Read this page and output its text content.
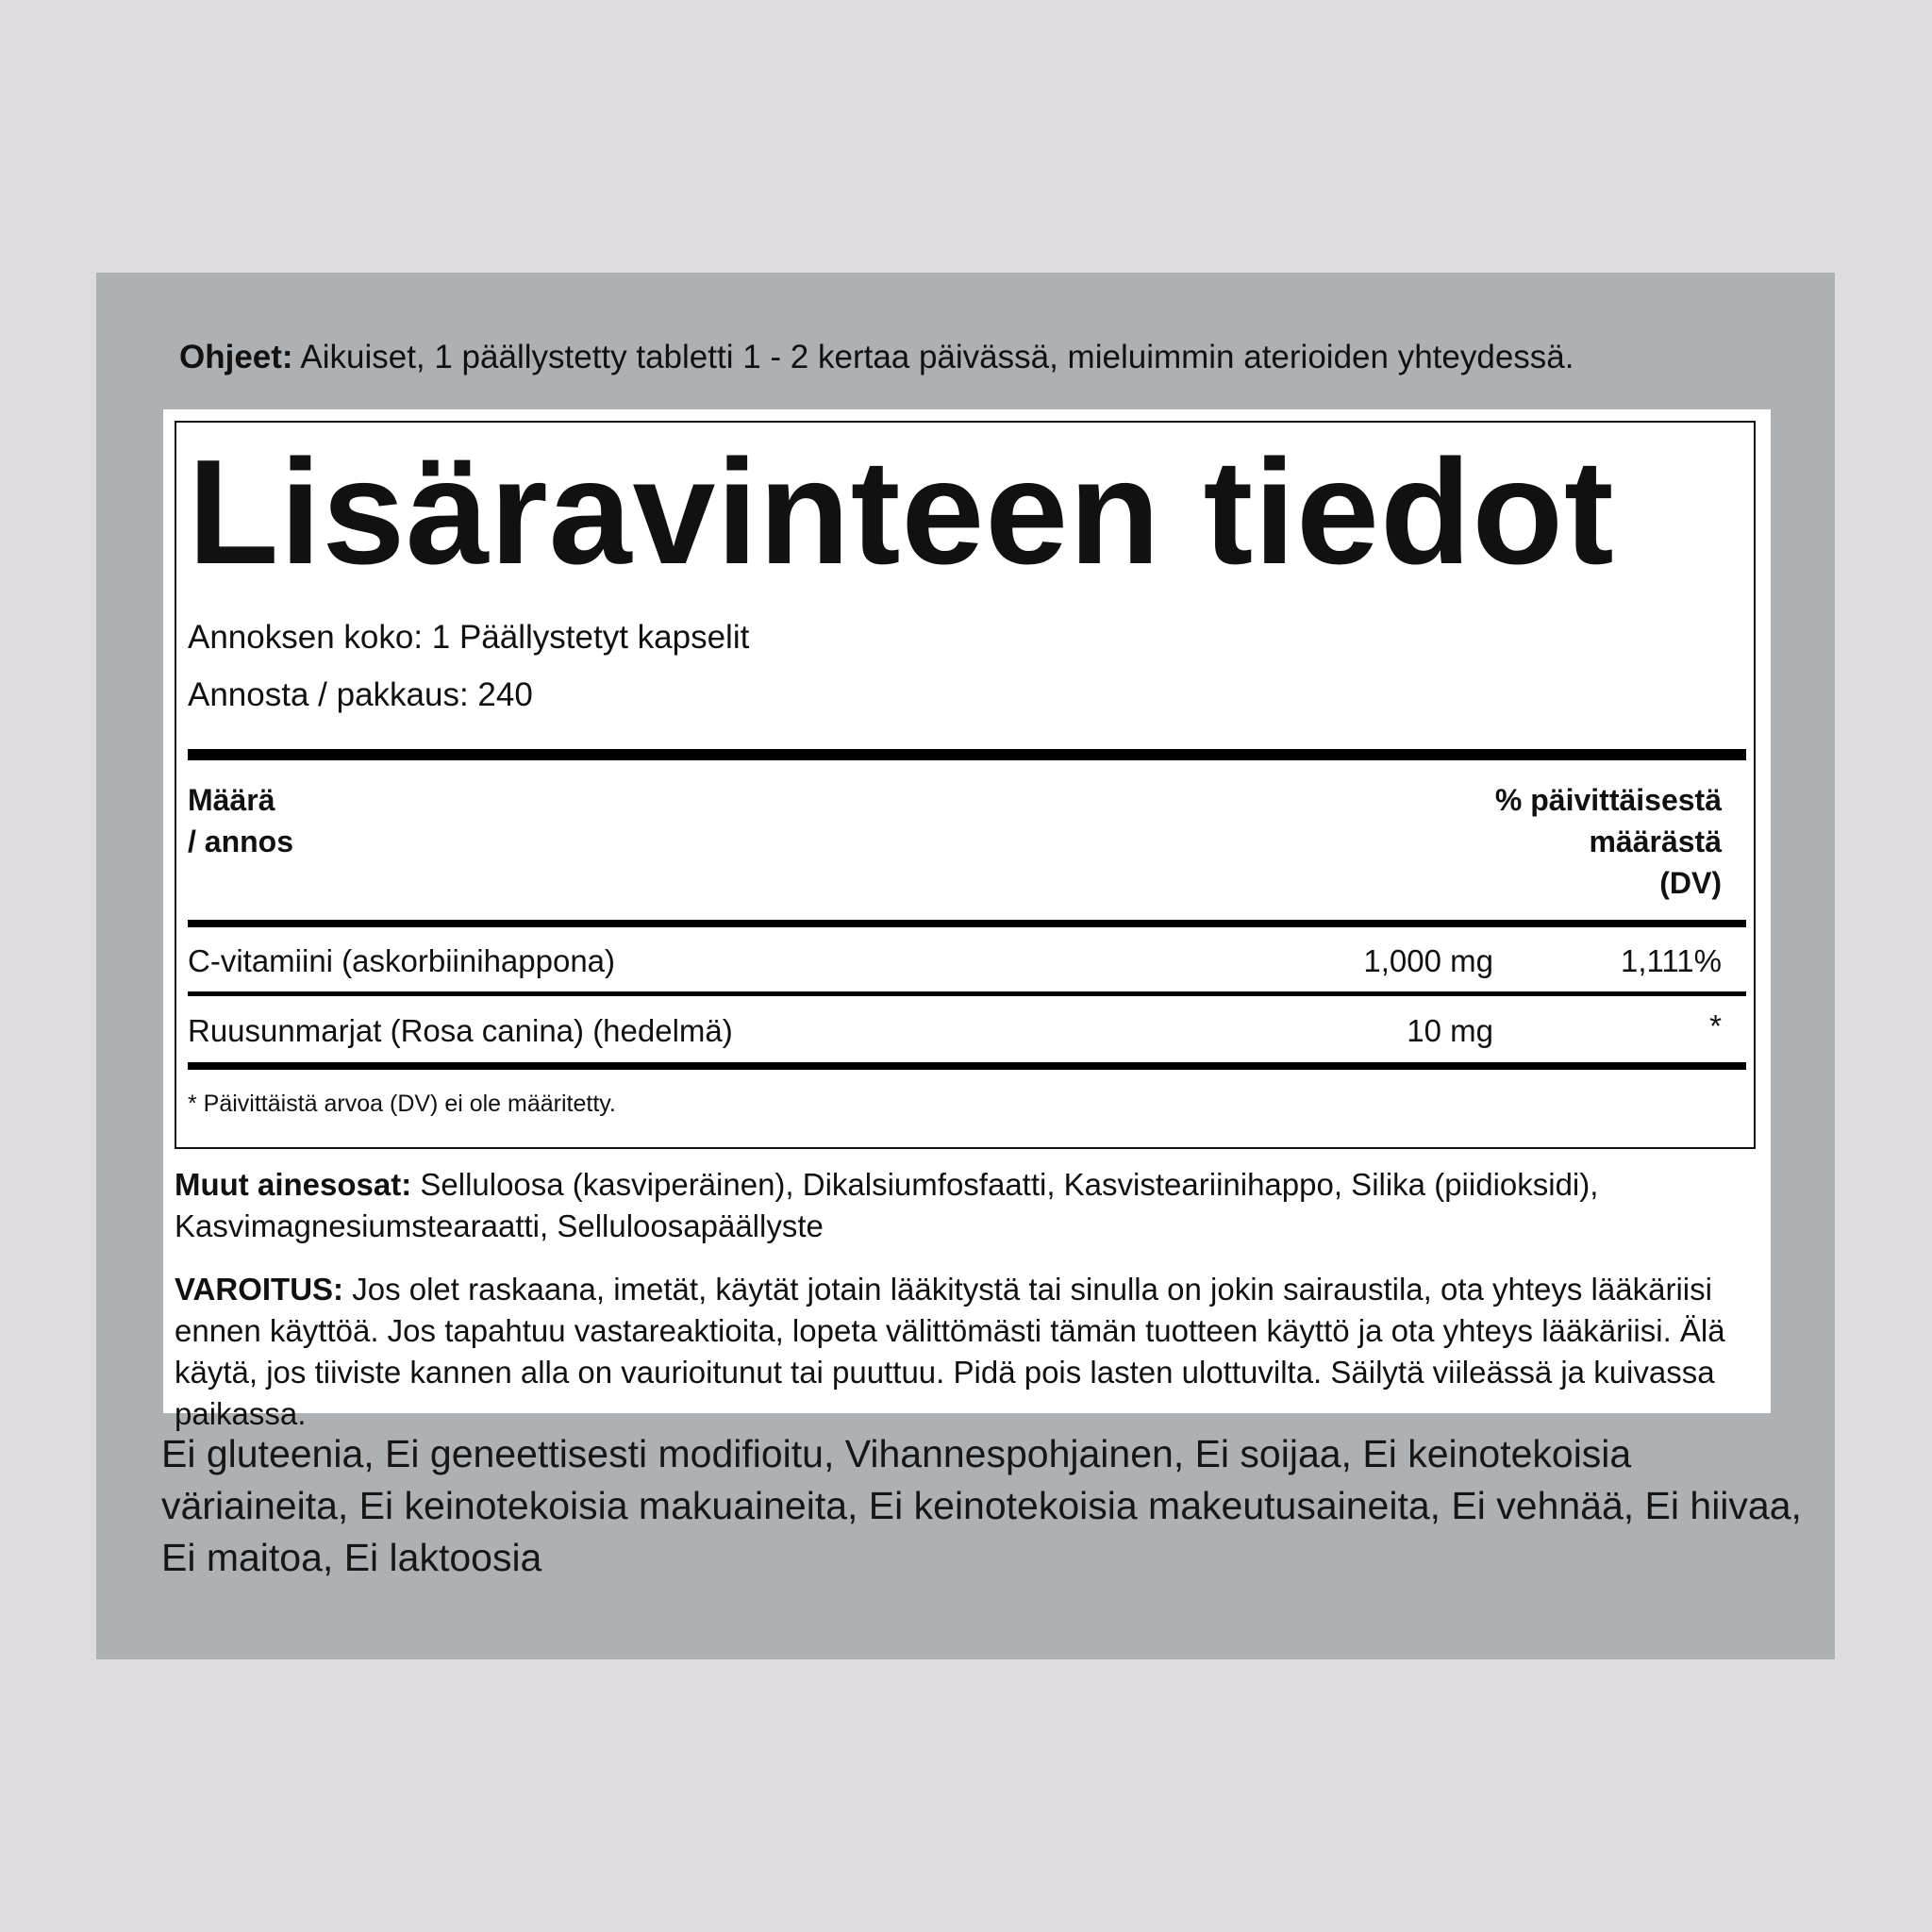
Ohjeet: Aikuiset, 1 päällystetty tabletti 1 - 2 kertaa päivässä, mieluimmin aterioiden yhteydessä.
Lisäravinteen tiedot
Annoksen koko: 1 Päällystetyt kapselit
Annosta / pakkaus: 240
Määrä
/ annos
% päivittäisestä
määrästä
(DV)
C-vitamiini (askorbiinihappona)	1,000 mg	1,111%
Ruusunmarjat (Rosa canina) (hedelmä)	10 mg	*
* Päivittäistä arvoa (DV) ei ole määritetty.
Muut ainesosat: Selluloosa (kasviperäinen), Dikalsiumfosfaatti, Kasvisteariinihappo, Silika (piidioksidi), Kasvimagnesiumstearaatti, Selluloosapäällyste
VAROITUS: Jos olet raskaana, imetät, käytät jotain lääkitystä tai sinulla on jokin sairaustila, ota yhteys lääkäriisi ennen käyttöä. Jos tapahtuu vastareaktioita, lopeta välittömästi tämän tuotteen käyttö ja ota yhteys lääkäriisi. Älä käytä, jos tiiviste kannen alla on vaurioitunut tai puuttuu. Pidä pois lasten ulottuvilta. Säilytä viileässä ja kuivassa paikassa.
Ei gluteenia, Ei geneettisesti modifioitu, Vihannespohjainen, Ei soijaa, Ei keinotekoisia väriaineita, Ei keinotekoisia makuaineita, Ei keinotekoisia makeutusaineita, Ei vehnää, Ei hiivaa, Ei maitoa, Ei laktoosia
